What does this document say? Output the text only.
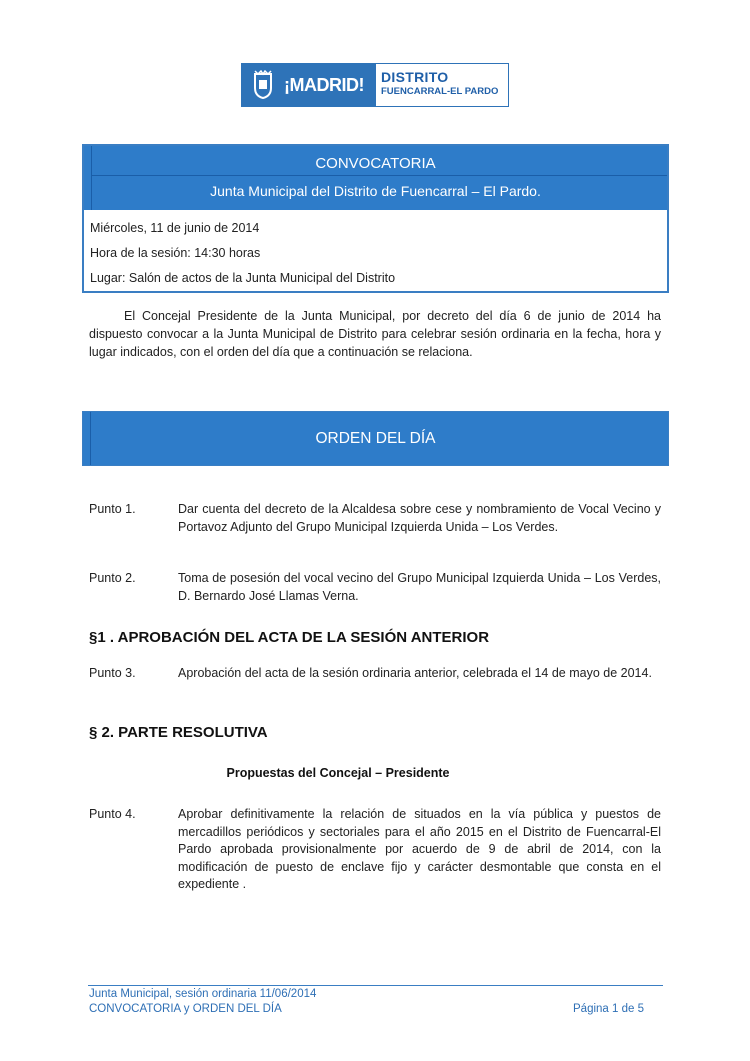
¡MADRID! DISTRITO
FUENCARRAL-EL PARDO
CONVOCATORIA
Junta Municipal del Distrito de Fuencarral – El Pardo.
Miércoles, 11 de junio de 2014
Hora de la sesión: 14:30 horas
Lugar: Salón de actos de la Junta Municipal del Distrito

El Concejal Presidente de la Junta Municipal, por decreto del día 6 de junio de 2014 ha dispuesto convocar a la Junta Municipal de Distrito para celebrar sesión ordinaria en la fecha, hora y lugar indicados, con el orden del día que a continuación se relaciona.

ORDEN DEL DÍA
Punto 1.	Dar cuenta del decreto de la Alcaldesa sobre cese y nombramiento de Vocal Vecino y Portavoz Adjunto del Grupo Municipal Izquierda Unida – Los Verdes.
Punto 2.	Toma de posesión del vocal vecino del Grupo Municipal Izquierda Unida – Los Verdes, D. Bernardo José Llamas Verna.
§1 . APROBACIÓN DEL ACTA DE LA SESIÓN ANTERIOR
Punto 3.	Aprobación del acta de la sesión ordinaria anterior, celebrada el 14 de mayo de 2014.
§ 2. PARTE RESOLUTIVA
Propuestas del Concejal – Presidente
Punto 4.	Aprobar definitivamente la relación de situados en la vía pública y puestos de mercadillos periódicos y sectoriales para el año 2015 en el Distrito de Fuencarral-El Pardo aprobada provisionalmente por acuerdo de 9 de abril de 2014, con la modificación de puesto de enclave fijo y carácter desmontable que consta en el expediente .
Junta Municipal, sesión ordinaria 11/06/2014
CONVOCATORIA y ORDEN DEL DÍA	Página 1 de 5
